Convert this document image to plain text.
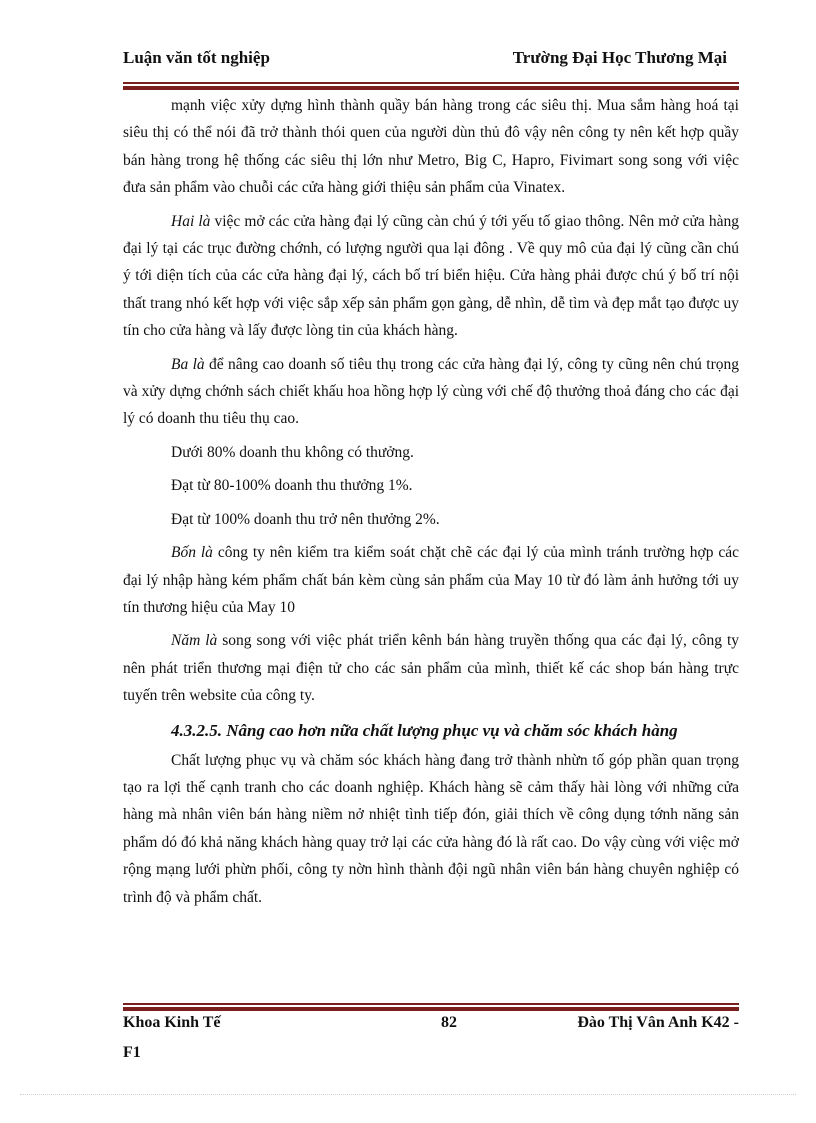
Luận văn tốt nghiệp	Trường Đại Học Thương Mại

mạnh việc xửy dựng hình thành quầy bán hàng trong các siêu thị. Mua sắm hàng hoá tại siêu thị có thể nói đã trở thành thói quen của người dùn thủ đô vậy nên công ty nên kết hợp quầy bán hàng trong hệ thống các siêu thị lớn như Metro, Big C, Hapro, Fivimart song song với việc đưa sản phẩm vào chuỗi các cửa hàng giới thiệu sản phẩm của Vinatex.

Hai là việc mở các cửa hàng đại lý cũng càn chú ý tới yếu tố giao thông. Nên mở cửa hàng đại lý tại các trục đường chớnh, có lượng người qua lại đông . Về quy mô của đại lý cũng cần chú ý tới diện tích của các cửa hàng đại lý, cách bố trí biển hiệu. Cửa hàng phải được chú ý bố trí nội thất trang nhó kết hợp với việc sắp xếp sản phẩm gọn gàng, dễ nhìn, dễ tìm và đẹp mắt tạo được uy tín cho cửa hàng và lấy được lòng tin của khách hàng.

Ba là để nâng cao doanh số tiêu thụ trong các cửa hàng đại lý, công ty cũng nên chú trọng và xửy dựng chớnh sách chiết khấu hoa hồng hợp lý cùng với chế độ thưởng thoả đáng cho các đại lý có doanh thu tiêu thụ cao.

Dưới 80% doanh thu không có thưởng.

Đạt từ 80-100% doanh thu thưởng 1%.

Đạt từ 100% doanh thu trở nên thưởng 2%.

Bốn là công ty nên kiểm tra kiểm soát chặt chẽ các đại lý của mình tránh trường hợp các đại lý nhập hàng kém phẩm chất bán kèm cùng sản phẩm của May 10 từ đó làm ảnh hưởng tới uy tín thương hiệu của May 10

Năm là song song với việc phát triển kênh bán hàng truyền thống qua các đại lý, công ty nên phát triển thương mại điện tử cho các sản phẩm của mình, thiết kế các shop bán hàng trực tuyến trên website của công ty.

4.3.2.5. Nâng cao hơn nữa chất lượng phục vụ và chăm sóc khách hàng

Chất lượng phục vụ và chăm sóc khách hàng đang trở thành nhừn tố góp phần quan trọng tạo ra lợi thế cạnh tranh cho các doanh nghiệp. Khách hàng sẽ cảm thấy hài lòng với những cửa hàng mà nhân viên bán hàng niềm nở nhiệt tình tiếp đón, giải thích về công dụng tớnh năng sản phẩm dó đó khả năng khách hàng quay trở lại các cửa hàng đó là rất cao. Do vậy cùng với việc mở rộng mạng lưới phừn phối, công ty nờn hình thành đội ngũ nhân viên bán hàng chuyên nghiệp có trình độ và phẩm chất.

Khoa Kinh Tế	82	Đào Thị Vân Anh K42 -
F1
